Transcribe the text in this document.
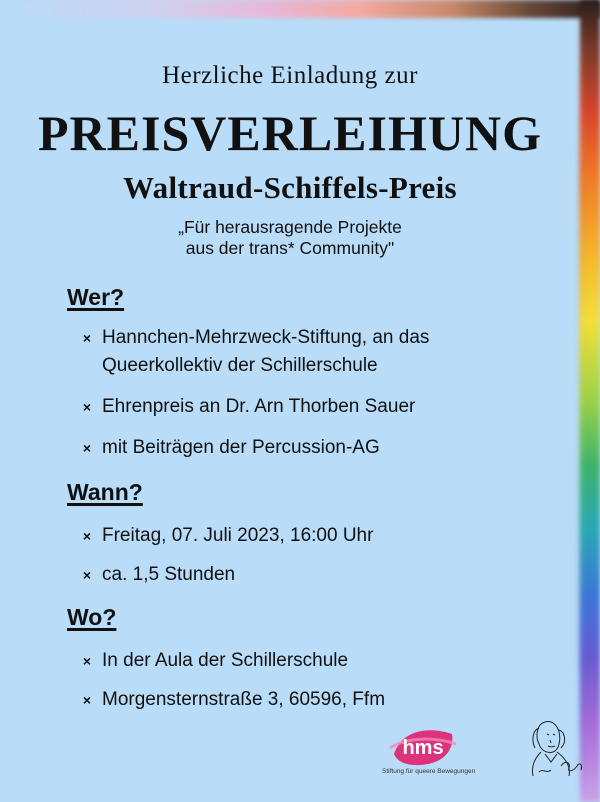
Herzliche Einladung zur
PREISVERLEIHUNG
Waltraud-Schiffels-Preis
„Für herausragende Projekte
aus der trans* Community"
Wer?
× Hannchen-Mehrzweck-Stiftung, an das
Queerkollektiv der Schillerschule
× Ehrenpreis an Dr. Arn Thorben Sauer
× mit Beiträgen der Percussion-AG
Wann?
× Freitag, 07. Juli 2023, 16:00 Uhr
× ca. 1,5 Stunden
Wo?
× In der Aula der Schillerschule
× Morgensternstraße 3, 60596, Ffm
hms
Stiftung für queere Bewegungen
